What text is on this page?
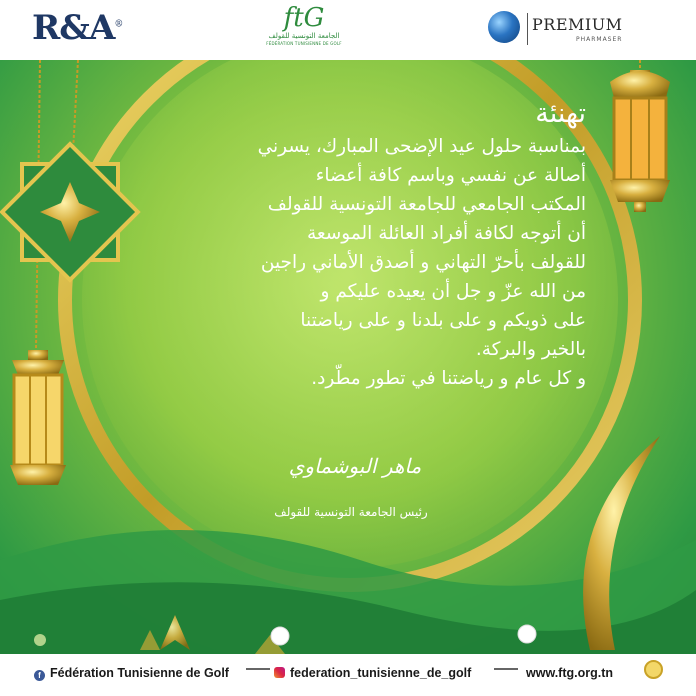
R&A®	ftG
الجامعة التونسية للقولف
FÉDÉRATION TUNISIENNE DE GOLF
PREMIUM
PHARMASER
تهنئة
بمناسبة حلول عيد الإضحى المبارك، يسرني
أصالة عن نفسي وباسم كافة أعضاء
المكتب الجامعي للجامعة التونسية للقولف
أن أتوجه لكافة أفراد العائلة الموسعة
للقولف بأحرّ التهاني و أصدق الأماني راجين
من الله عزّ و جل أن يعيده عليكم و
على ذويكم و على بلدنا و على رياضتنا
بالخير والبركة.
و كل عام و رياضتنا في تطور مطّرد.
ماهر البوشماوي
رئيس الجامعة التونسية للقولف
f Fédération Tunisienne de Golf	federation_tunisienne_de_golf	www.ftg.org.tn
